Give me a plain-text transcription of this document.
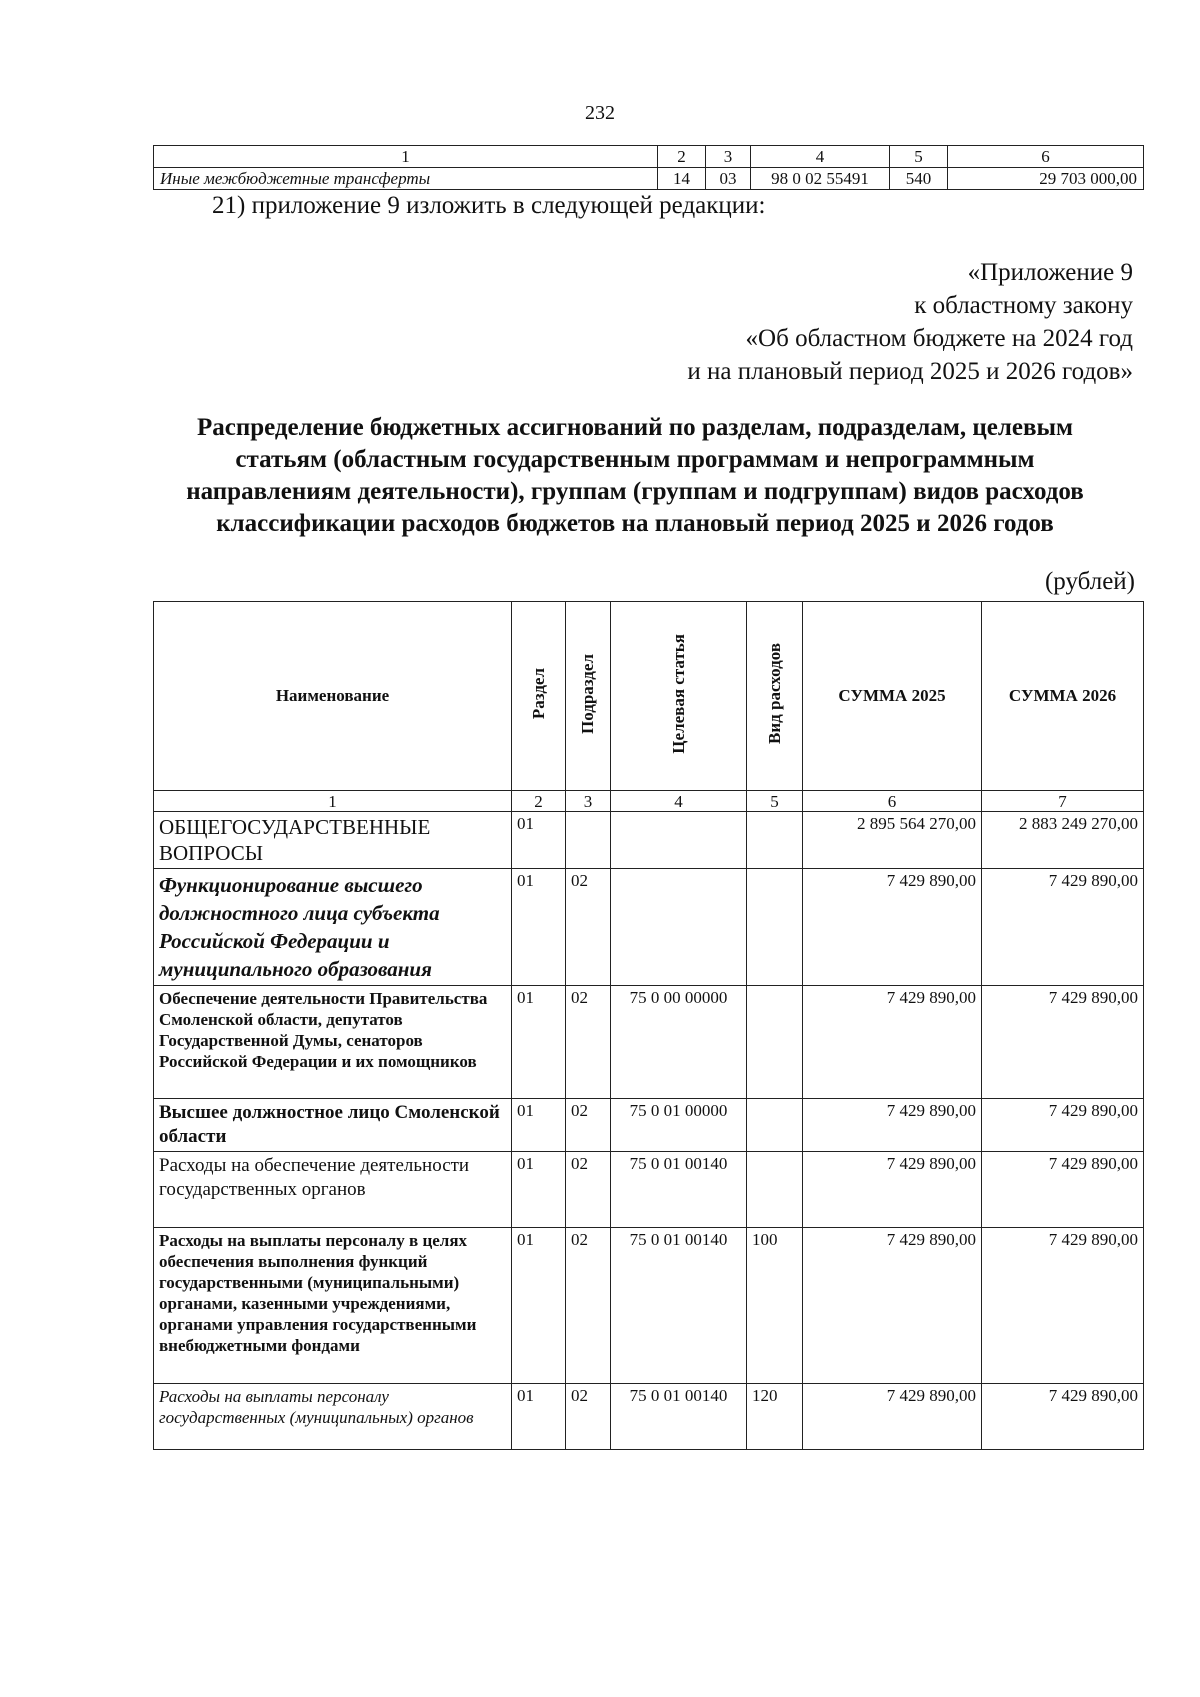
232
1	2	3	4	5	6
Иные межбюджетные трансферты	14	03	98 0 02 55491	540	29 703 000,00
21) приложение 9 изложить в следующей редакции:
«Приложение 9
к областному закону
«Об областном бюджете на 2024 год
и на плановый период 2025 и 2026 годов»
Распределение бюджетных ассигнований по разделам, подразделам, целевым
статьям (областным государственным программам и непрограммным
направлениям деятельности), группам (группам и подгруппам) видов расходов
классификации расходов бюджетов на плановый период 2025 и 2026 годов
(рублей)
Наименование	Раздел	Подраздел	Целевая статья	Вид расходов	СУММА 2025	СУММА 2026
1	2	3	4	5	6	7
ОБЩЕГОСУДАРСТВЕННЫЕ ВОПРОСЫ	01				2 895 564 270,00	2 883 249 270,00
Функционирование высшего должностного лица субъекта Российской Федерации и муниципального образования	01	02			7 429 890,00	7 429 890,00
Обеспечение деятельности Правительства Смоленской области, депутатов Государственной Думы, сенаторов Российской Федерации и их помощников	01	02	75 0 00 00000		7 429 890,00	7 429 890,00
Высшее должностное лицо Смоленской области	01	02	75 0 01 00000		7 429 890,00	7 429 890,00
Расходы на обеспечение деятельности государственных органов	01	02	75 0 01 00140		7 429 890,00	7 429 890,00
Расходы на выплаты персоналу в целях обеспечения выполнения функций государственными (муниципальными) органами, казенными учреждениями, органами управления государственными внебюджетными фондами	01	02	75 0 01 00140	100	7 429 890,00	7 429 890,00
Расходы на выплаты персоналу государственных (муниципальных) органов	01	02	75 0 01 00140	120	7 429 890,00	7 429 890,00
